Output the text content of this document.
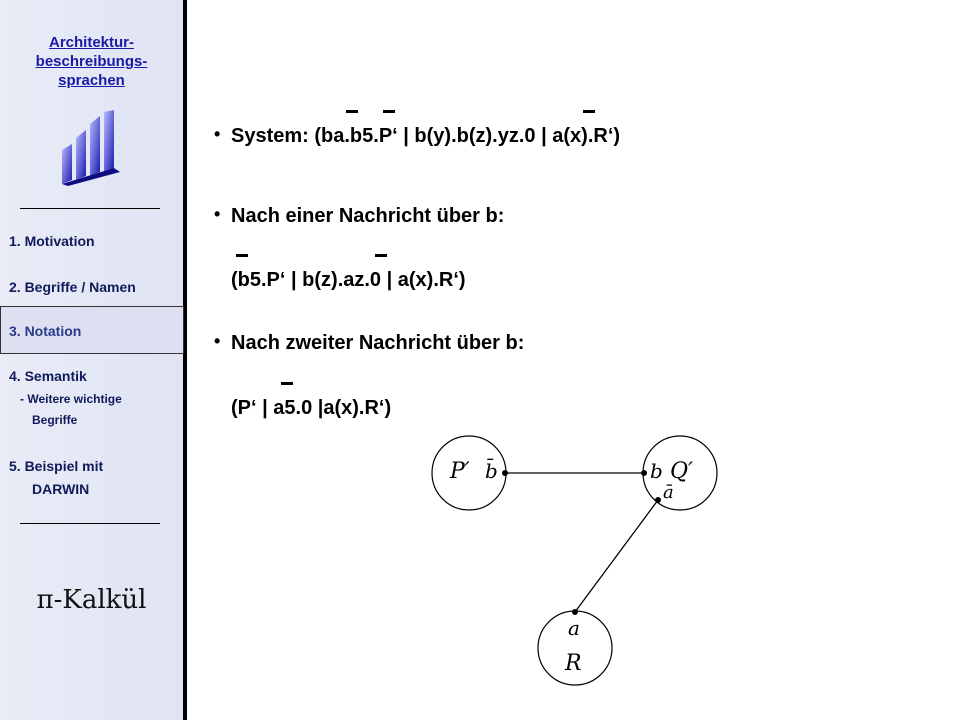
Architektur-
beschreibungs-
sprachen
1. Motivation
2. Begriffe / Namen
3. Notation
4. Semantik
- Weitere wichtige
Begriffe
5. Beispiel mit
DARWIN
π-Kalkül
• System: (ba.b5.P‘ | b(y).b(z).yz.0 | a(x).R‘)
• Nach einer Nachricht über b:
(b5.P‘ | b(z).az.0 | a(x).R‘)
• Nach zweiter Nachricht über b:
(P‘ | a5.0 |a(x).R‘)
P′ b̄	b Q′
ā
a
R
